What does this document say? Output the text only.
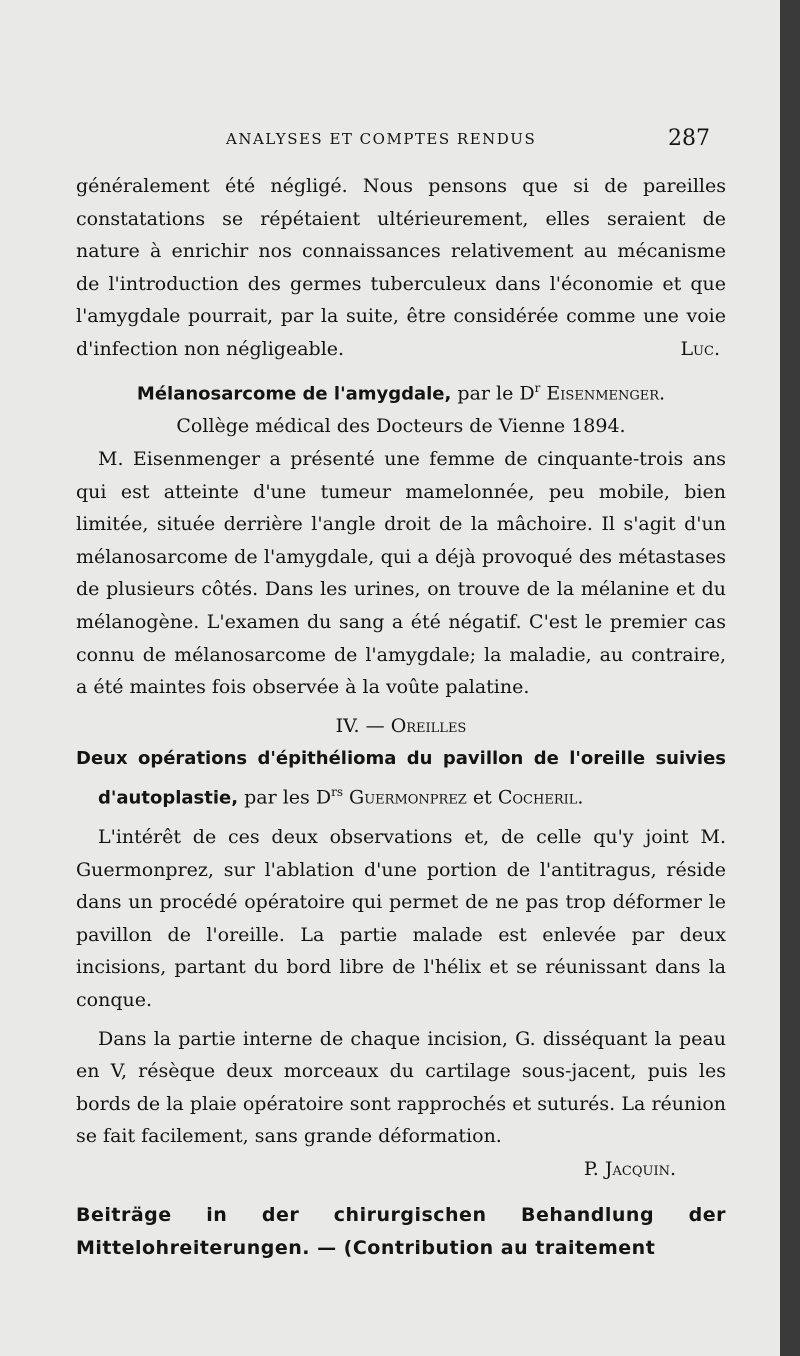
ANALYSES ET COMPTES RENDUS	287

généralement été négligé. Nous pensons que si de pareilles constatations se répétaient ultérieurement, elles seraient de nature à enrichir nos connaissances relativement au mécanisme de l'introduction des germes tuberculeux dans l'économie et que l'amygdale pourrait, par la suite, être considérée comme une voie d'infection non négligeable.	Luc.

Mélanosarcome de l'amygdale, par le $D^r$ Eisenmenger.

Collège médical des Docteurs de Vienne 1894.

M. Eisenmenger a présenté une femme de cinquante-trois ans qui est atteinte d'une tumeur mamelonnée, peu mobile, bien limitée, située derrière l'angle droit de la mâchoire. Il s'agit d'un mélanosarcome de l'amygdale, qui a déjà provoqué des métastases de plusieurs côtés. Dans les urines, on trouve de la mélanine et du mélanogène. L'examen du sang a été négatif. C'est le premier cas connu de mélanosarcome de l'amygdale; la maladie, au contraire, a été maintes fois observée à la voûte palatine.

IV. — Oreilles

Deux opérations d'épithélioma du pavillon de l'oreille suivies d'autoplastie, par les $D^{rs}$ Guermonprez et Cocheril.

L'intérêt de ces deux observations et, de celle qu'y joint M. Guermonprez, sur l'ablation d'une portion de l'antitragus, réside dans un procédé opératoire qui permet de ne pas trop déformer le pavillon de l'oreille. La partie malade est enlevée par deux incisions, partant du bord libre de l'hélix et se réunissant dans la conque.

Dans la partie interne de chaque incision, G. disséquant la peau en V, résèque deux morceaux du cartilage sous-jacent, puis les bords de la plaie opératoire sont rapprochés et suturés. La réunion se fait facilement, sans grande déformation.

P. Jacquin.

Beiträge in der chirurgischen Behandlung der Mittelohreiterungen. — (Contribution au traitement
